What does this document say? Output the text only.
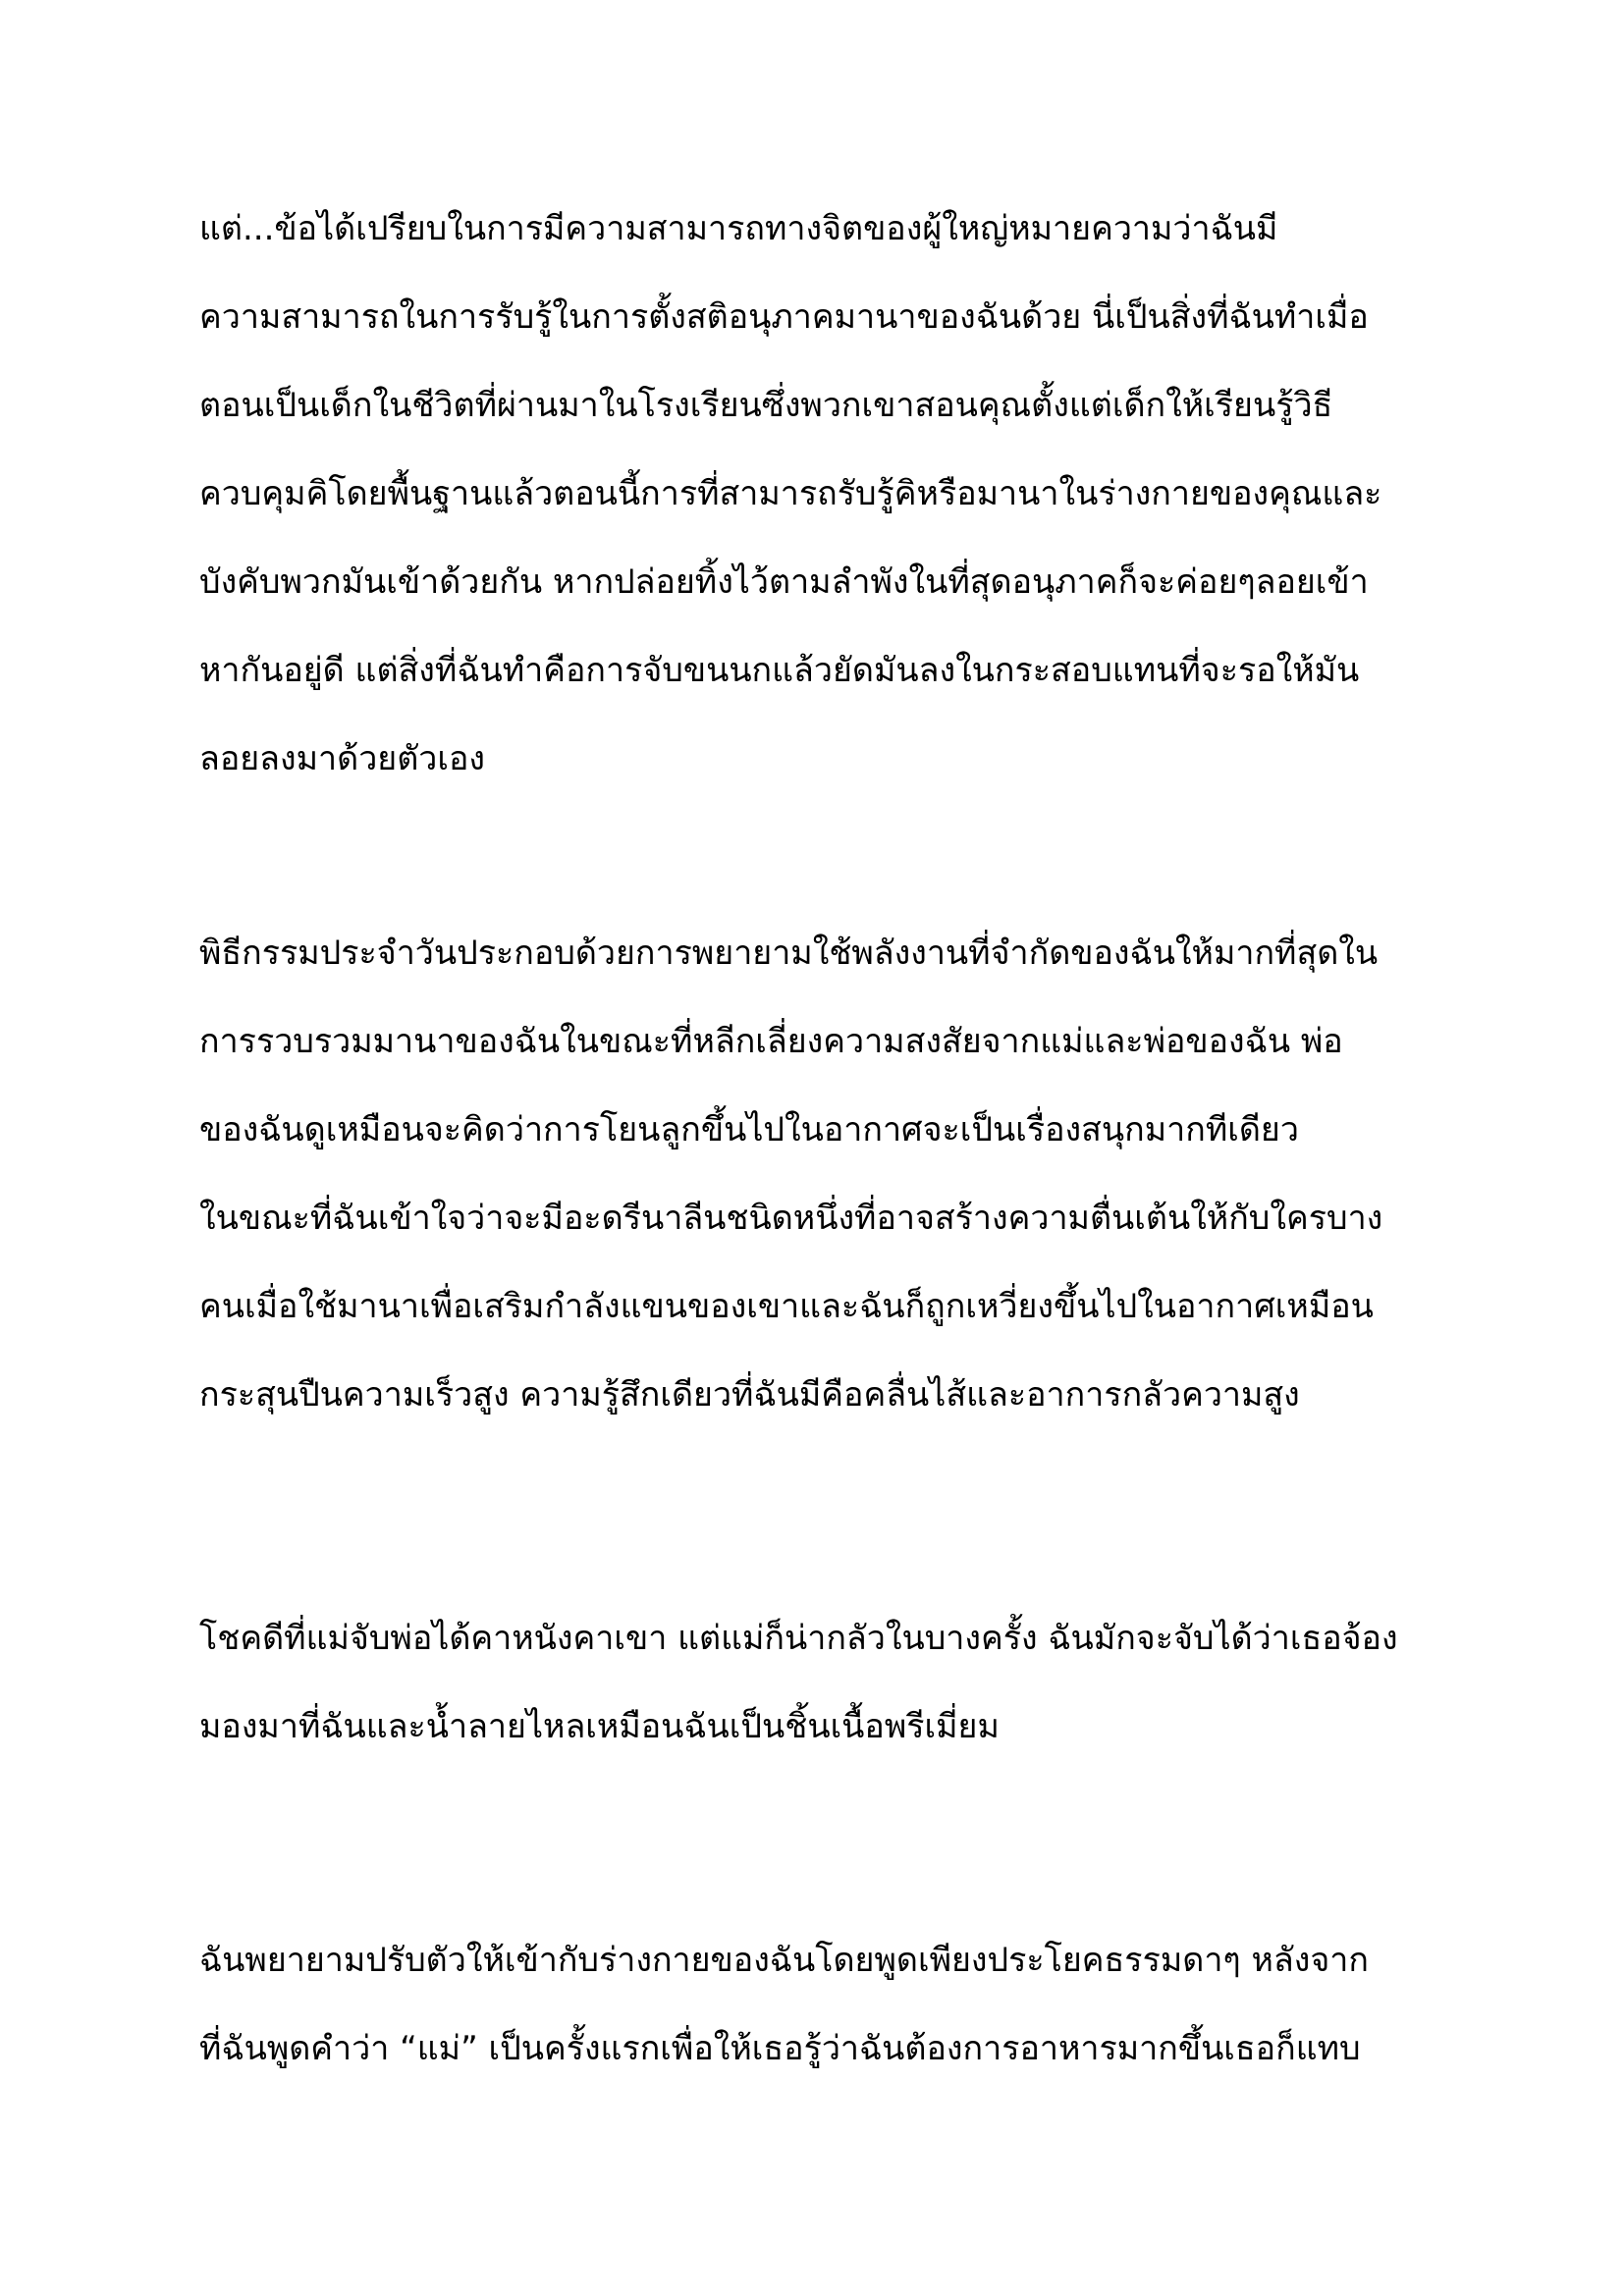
แต่...ข้อได้เปรียบในการมีความสามารถทางจิตของผู้ใหญ่หมายความว่าฉันมี
ความสามารถในการรับรู้ในการตั้งสติอนุภาคมานาของฉันด้วย นี่เป็นสิ่งที่ฉันทำเมื่อ
ตอนเป็นเด็กในชีวิตที่ผ่านมาในโรงเรียนซึ่งพวกเขาสอนคุณตั้งแต่เด็กให้เรียนรู้วิธี
ควบคุมคิโดยพื้นฐานแล้วตอนนี้การที่สามารถรับรู้คิหรือมานาในร่างกายของคุณและ
บังคับพวกมันเข้าด้วยกัน หากปล่อยทิ้งไว้ตามลำพังในที่สุดอนุภาคก็จะค่อยๆลอยเข้า
หากันอยู่ดี แต่สิ่งที่ฉันทำคือการจับขนนกแล้วยัดมันลงในกระสอบแทนที่จะรอให้มัน
ลอยลงมาด้วยตัวเอง
พิธีกรรมประจำวันประกอบด้วยการพยายามใช้พลังงานที่จำกัดของฉันให้มากที่สุดใน
การรวบรวมมานาของฉันในขณะที่หลีกเลี่ยงความสงสัยจากแม่และพ่อของฉัน พ่อ
ของฉันดูเหมือนจะคิดว่าการโยนลูกขึ้นไปในอากาศจะเป็นเรื่องสนุกมากทีเดียว
ในขณะที่ฉันเข้าใจว่าจะมีอะดรีนาลีนชนิดหนึ่งที่อาจสร้างความตื่นเต้นให้กับใครบาง
คนเมื่อใช้มานาเพื่อเสริมกำลังแขนของเขาและฉันก็ถูกเหวี่ยงขึ้นไปในอากาศเหมือน
กระสุนปืนความเร็วสูง ความรู้สึกเดียวที่ฉันมีคือคลื่นไส้และอาการกลัวความสูง
โชคดีที่แม่จับพ่อได้คาหนังคาเขา แต่แม่ก็น่ากลัวในบางครั้ง ฉันมักจะจับได้ว่าเธอจ้อง
มองมาที่ฉันและน้ำลายไหลเหมือนฉันเป็นชิ้นเนื้อพรีเมี่ยม
ฉันพยายามปรับตัวให้เข้ากับร่างกายของฉันโดยพูดเพียงประโยคธรรมดาๆ หลังจาก
ที่ฉันพูดคำว่า “แม่” เป็นครั้งแรกเพื่อให้เธอรู้ว่าฉันต้องการอาหารมากขึ้นเธอก็แทบ
